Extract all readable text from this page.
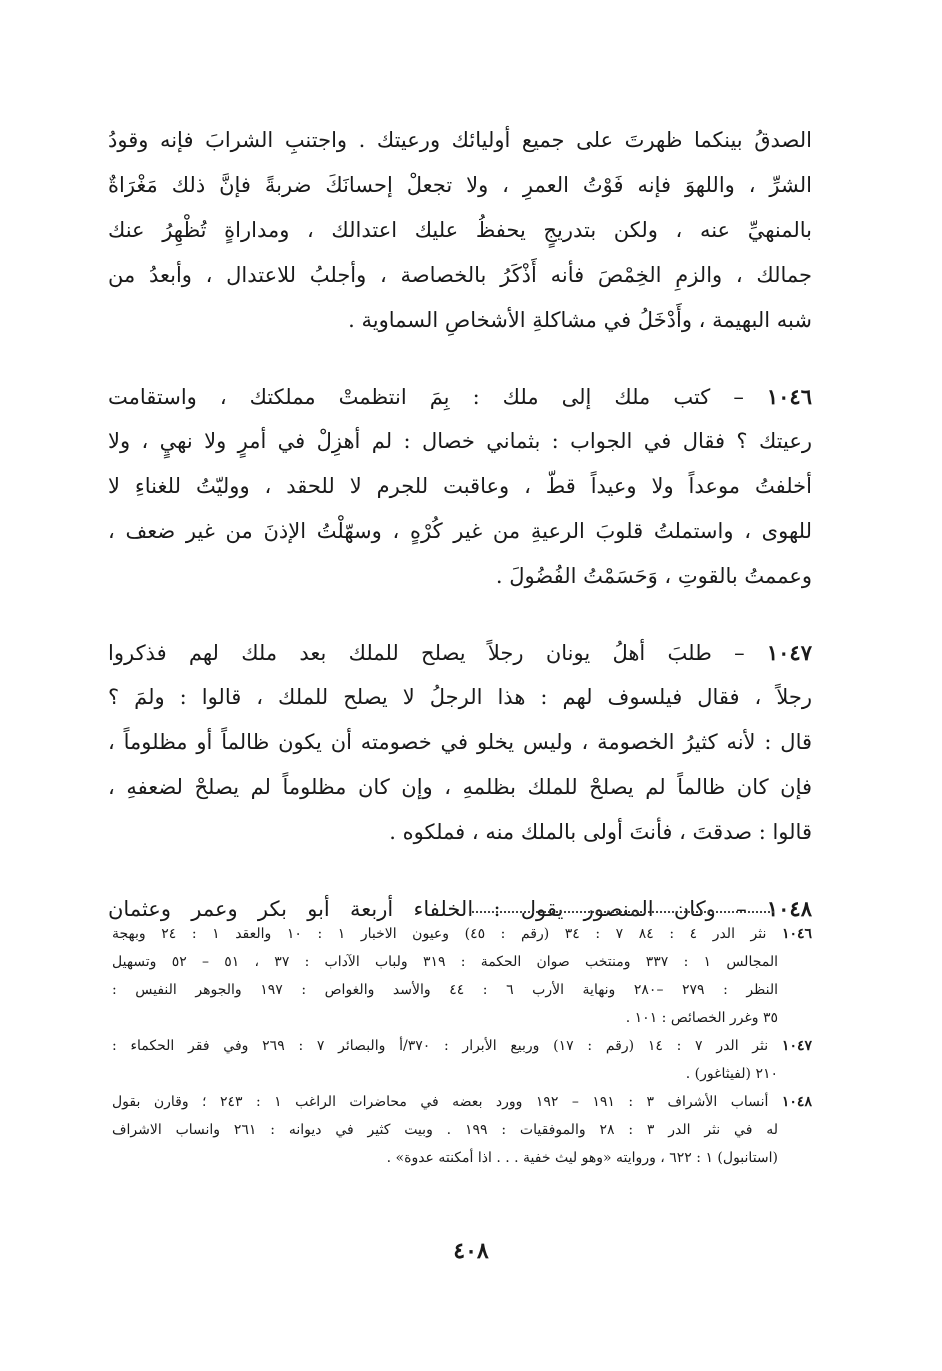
الصدقُ بينكما ظهرتَ على جميع أوليائك ورعيتك . واجتنبِ الشرابَ فإنه وقودُ
الشرِّ ، واللهوَ فإنه فَوْتُ العمرِ ، ولا تجعلْ إحسانَكَ ضربةً فإنَّ ذلك مَغْرَاةٌ
بالمنهيِّ عنه ، ولكن بتدريجٍ يحفظُ عليك اعتدالك ، ومداراةٍ تُظْهِرُ عنك
جمالك ، والزمِ الخِمْصَ فأنه أَذْكَرُ بالخصاصة ، وأجلبُ للاعتدال ، وأبعدُ من
شبه البهيمة ، وأَدْخَلُ في مشاكلةِ الأشخاصِ السماوية .
١٠٤٦ – كتب ملك إلى ملك : بِمَ انتظمتْ مملكتك ، واستقامت
رعيتك ؟ فقال في الجواب : بثماني خصال : لم أهزِلْ في أمرٍ ولا نهيٍ ، ولا
أخلفتُ موعداً ولا وعيداً قطّ ، وعاقبت للجرم لا للحقد ، ووليّتُ للغناءِ لا
للهوى ، واستملتُ قلوبَ الرعيةِ من غير كُرْهٍ ، وسهّلْتُ الإذنَ من غير ضعف ،
وعممتُ بالقوتِ ، وَحَسَمْتُ الفُضُولَ .
١٠٤٧ – طلبَ أهلُ يونان رجلاً يصلح للملك بعد ملك لهم فذكروا
رجلاً ، فقال فيلسوف لهم : هذا الرجلُ لا يصلح للملك ، قالوا : ولمَ ؟
قال : لأنه كثيرُ الخصومة ، وليس يخلو في خصومته أن يكون ظالماً أو مظلوماً ،
فإن كان ظالماً لم يصلحْ للملك بظلمهِ ، وإن كان مظلوماً لم يصلحْ لضعفهِ ،
قالوا : صدقتَ ، فأنتَ أولى بالملك منه ، فملكوه .
١٠٤٨ – وكان المنصور يقول : الخلفاء أربعة أبو بكر وعمر وعثمان
١٠٤٦ نثر الدر ٤ : ٨٤ ٧ : ٣٤ (رقم : ٤٥) وعيون الاخبار ١ : ١٠ والعقد ١ : ٢٤ وبهجة
المجالس ١ : ٣٣٧ ومنتخب صوان الحكمة : ٣١٩ ولباب الآداب : ٣٧ ، ٥١ – ٥٢ وتسهيل
النظر : ٢٧٩ –٢٨٠ ونهاية الأرب ٦ : ٤٤ والأسد والغواص : ١٩٧ والجوهر النفيس :
٣٥ وغرر الخصائص : ١٠١ .
١٠٤٧ نثر الدر ٧ : ١٤ (رقم : ١٧) وربيع الأبرار : ٣٧٠/أ والبصائر ٧ : ٢٦٩ وفي فقر الحكماء :
٢١٠ (لفيثاغور) .
١٠٤٨ أنساب الأشراف ٣ : ١٩١ – ١٩٢ وورد بعضه في محاضرات الراغب ١ : ٢٤٣ ؛ وقارن بقول
له في نثر الدر ٣ : ٢٨ والموفقيات : ١٩٩ . وبيت كثير في ديوانه : ٢٦١ وانساب الاشراف
(استانبول) ١ : ٦٢٢ ، وروايته «وهو ليث خفية . . . اذا أمكنته عدوة» .
٤٠٨
